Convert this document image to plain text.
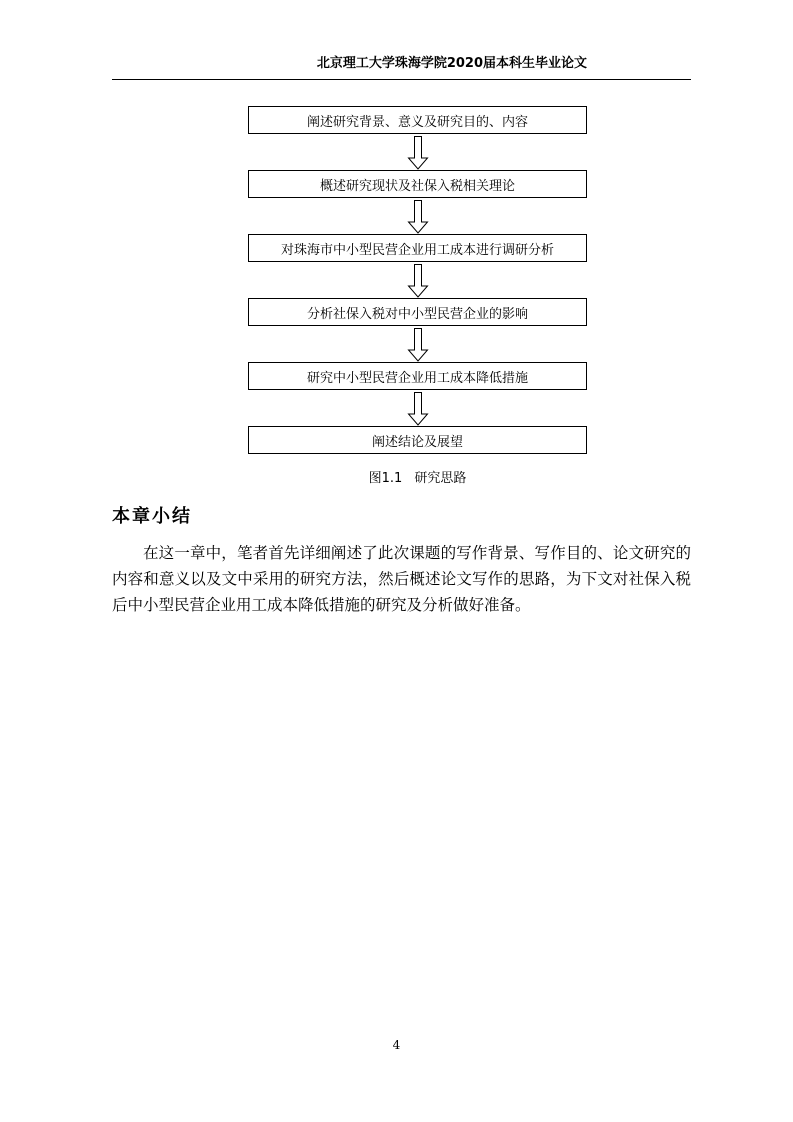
北京理工大学珠海学院2020届本科生毕业论文
阐述研究背景、意义及研究目的、内容
概述研究现状及社保入税相关理论
对珠海市中小型民营企业用工成本进行调研分析
分析社保入税对中小型民营企业的影响
研究中小型民营企业用工成本降低措施
阐述结论及展望
图1.1 研究思路
本章小结
在这一章中，笔者首先详细阐述了此次课题的写作背景、写作目的、论文研究的内容和意义以及文中采用的研究方法，然后概述论文写作的思路，为下文对社保入税后中小型民营企业用工成本降低措施的研究及分析做好准备。
4
